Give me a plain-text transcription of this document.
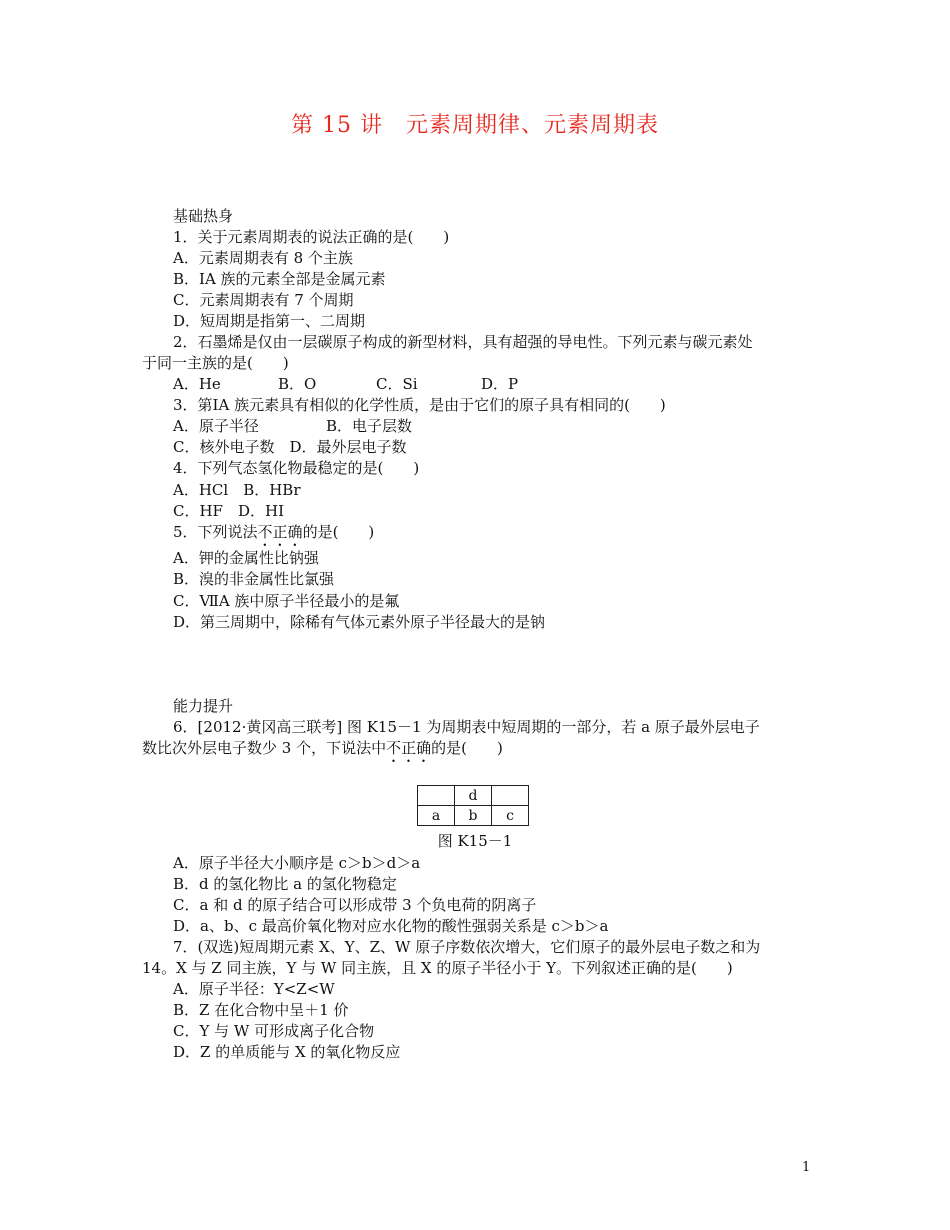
第 15 讲　元素周期律、元素周期表
基础热身
1．关于元素周期表的说法正确的是(　　)
A．元素周期表有 8 个主族
B．ⅠA 族的元素全部是金属元素
C．元素周期表有 7 个周期
D．短周期是指第一、二周期
2．石墨烯是仅由一层碳原子构成的新型材料，具有超强的导电性。下列元素与碳元素处
于同一主族的是(　　)
A．He	B．O	C．Si	D．P
3．第ⅠA 族元素具有相似的化学性质，是由于它们的原子具有相同的(　　)
A．原子半径	B．电子层数
C．核外电子数　D．最外层电子数
4．下列气态氢化物最稳定的是(　　)
A．HCl　B．HBr
C．HF　D．HI
5．下列说法不正确的是(　　)
A．钾的金属性比钠强
B．溴的非金属性比氯强
C．ⅦA 族中原子半径最小的是氟
D．第三周期中，除稀有气体元素外原子半径最大的是钠
能力提升
6．[2012·黄冈高三联考] 图 K15－1 为周期表中短周期的一部分，若 a 原子最外层电子
数比次外层电子数少 3 个，下说法中不正确的是(　　)
	d	
a	b	c
图 K15－1
A．原子半径大小顺序是 c＞b＞d＞a
B．d 的氢化物比 a 的氢化物稳定
C．a 和 d 的原子结合可以形成带 3 个负电荷的阴离子
D．a、b、c 最高价氧化物对应水化物的酸性强弱关系是 c＞b＞a
7．(双选)短周期元素 X、Y、Z、W 原子序数依次增大，它们原子的最外层电子数之和为
14。X 与 Z 同主族，Y 与 W 同主族，且 X 的原子半径小于 Y。下列叙述正确的是(　　)
A．原子半径：Y<Z<W
B．Z 在化合物中呈＋1 价
C．Y 与 W 可形成离子化合物
D．Z 的单质能与 X 的氧化物反应
1
